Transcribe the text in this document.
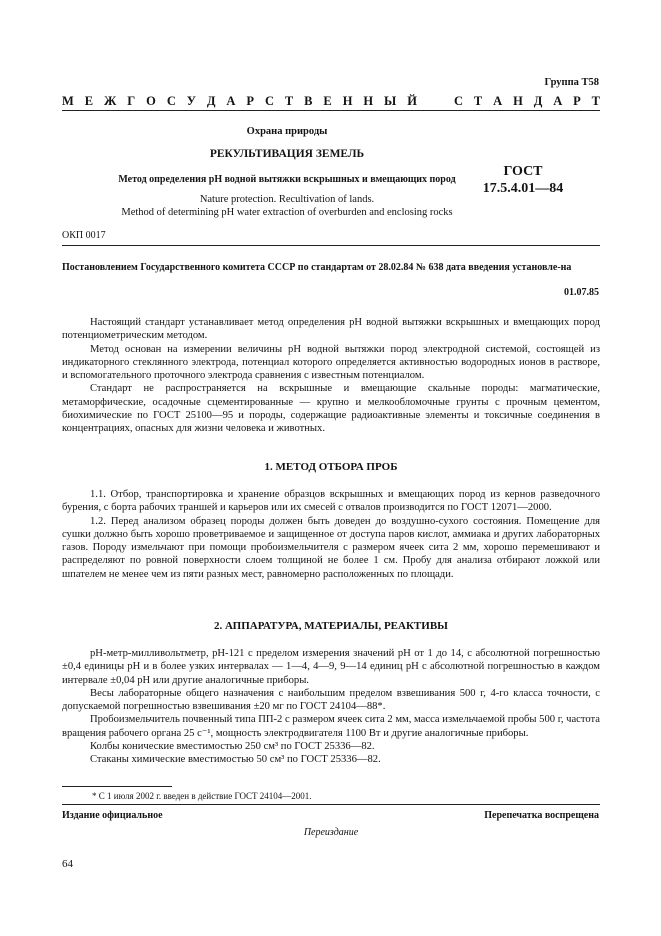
Группа Т58
М Е Ж Г О С У Д А Р С Т В Е Н Н Ы Й	С Т А Н Д А Р Т
Охрана природы
РЕКУЛЬТИВАЦИЯ ЗЕМЕЛЬ
Метод определения pH водной вытяжки вскрышных и вмещающих пород
ГОСТ
17.5.4.01—84
Nature protection. Recultivation of lands.
Method of determining pH water extraction of overburden and enclosing rocks
ОКП 0017
Постановлением Государственного комитета СССР по стандартам от 28.02.84 № 638 дата введения установле-на
01.07.85

Настоящий стандарт устанавливает метод определения pH водной вытяжки вскрышных и вмещающих пород потенциометрическим методом.

Метод основан на измерении величины pH водной вытяжки пород электродной системой, состоящей из индикаторного стеклянного электрода, потенциал которого определяется активностью водородных ионов в растворе, и вспомогательного проточного электрода сравнения с известным потенциалом.

Стандарт не распространяется на вскрышные и вмещающие скальные породы: магматические, метаморфические, осадочные сцементированные — крупно и мелкообломочные грунты с прочным цементом, биохимические по ГОСТ 25100—95 и породы, содержащие радиоактивные элементы и токсичные соединения в концентрациях, опасных для жизни человека и животных.

1. МЕТОД ОТБОРА ПРОБ

1.1. Отбор, транспортировка и хранение образцов вскрышных и вмещающих пород из кернов разведочного бурения, с борта рабочих траншей и карьеров или их смесей с отвалов производится по ГОСТ 12071—2000.

1.2. Перед анализом образец породы должен быть доведен до воздушно-сухого состояния. Помещение для сушки должно быть хорошо проветриваемое и защищенное от доступа паров кислот, аммиака и других лабораторных газов. Породу измельчают при помощи пробоизмельчителя с размером ячеек сита 2 мм, хорошо перемешивают и распределяют по ровной поверхности слоем толщиной не более 1 см. Пробу для анализа отбирают ложкой или шпателем не менее чем из пяти разных мест, равномерно расположенных по площади.

2. АППАРАТУРА, МАТЕРИАЛЫ, РЕАКТИВЫ

pH-метр-милливольтметр, pH-121 с пределом измерения значений pH от 1 до 14, с абсолютной погрешностью ±0,4 единицы pH и в более узких интервалах — 1—4, 4—9, 9—14 единиц pH с абсолютной погрешностью в каждом интервале ±0,04 pH или другие аналогичные приборы.

Весы лабораторные общего назначения с наибольшим пределом взвешивания 500 г, 4-го класса точности, с допускаемой погрешностью взвешивания ±20 мг по ГОСТ 24104—88*.

Пробоизмельчитель почвенный типа ПП-2 с размером ячеек сита 2 мм, масса измельчаемой пробы 500 г, частота вращения рабочего органа 25 с⁻¹, мощность электродвигателя 1100 Вт и другие аналогичные приборы.

Колбы конические вместимостью 250 см³ по ГОСТ 25336—82.

Стаканы химические вместимостью 50 см³ по ГОСТ 25336—82.

* С 1 июля 2002 г. введен в действие ГОСТ 24104—2001.
Издание официальное	Перепечатка воспрещена
Переиздание
64
